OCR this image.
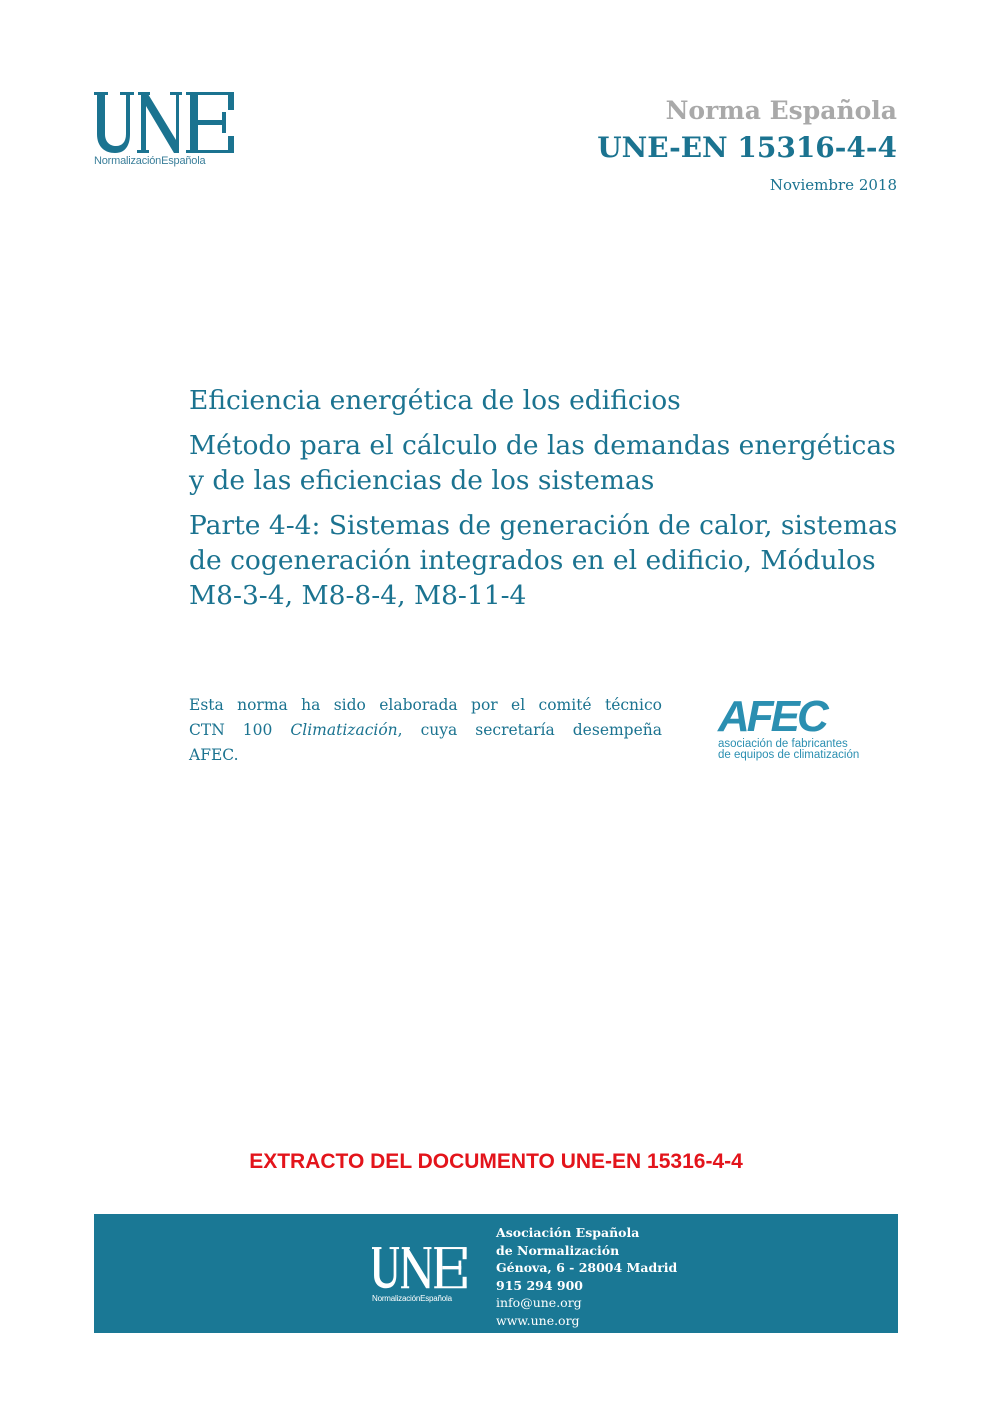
NormalizaciónEspañola
Norma Española
UNE-EN 15316-4-4
Noviembre 2018

Eficiencia energética de los edificios

Método para el cálculo de las demandas energéticas y de las eficiencias de los sistemas

Parte 4-4: Sistemas de generación de calor, sistemas de cogeneración integrados en el edificio, Módulos M8-3-4, M8-8-4, M8-11-4

Esta norma ha sido elaborada por el comité técnico
CTN 100 Climatización, cuya secretaría desempeña
AFEC.
AFEC
asociación de fabricantes
de equipos de climatización
EXTRACTO DEL DOCUMENTO UNE-EN 15316-4-4
NormalizaciónEspañola
Asociación Española
de Normalización
Génova, 6 - 28004 Madrid
915 294 900
info@une.org
www.une.org
